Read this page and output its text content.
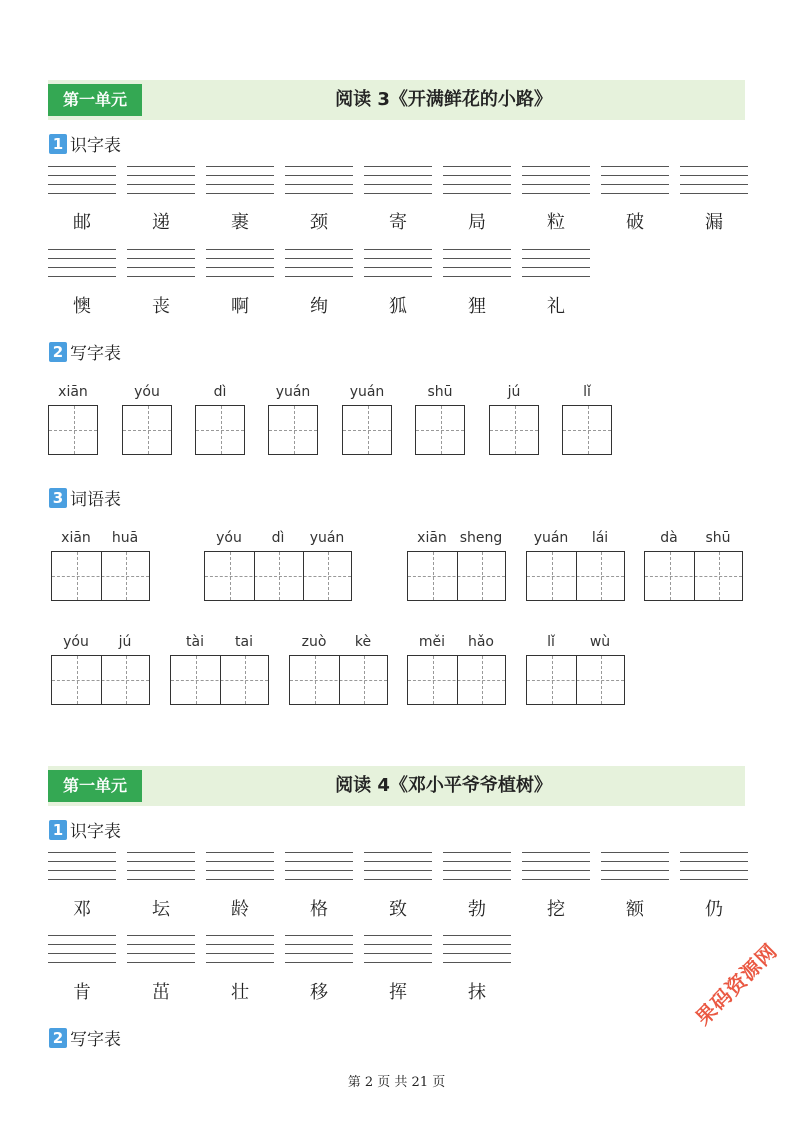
第一单元	阅读 3《开满鲜花的小路》
1 识字表
邮	递	裹	颈	寄	局	粒	破	漏
懊	丧	啊	绚	狐	狸	礼
2 写字表
xiān	yóu	dì	yuán	yuán	shū	jú	lǐ
3 词语表
xiān	huā	yóu	dì	yuán	xiān sheng	yuán	lái	dà	shū
yóu	jú	tài	tai	zuò	kè	měi	hǎo	lǐ	wù
第一单元	阅读 4《邓小平爷爷植树》
1 识字表
邓	坛	龄	格	致	勃	挖	额	仍
肯	茁	壮	移	挥	抹
2 写字表
第 2 页 共 21 页
果码资源网
